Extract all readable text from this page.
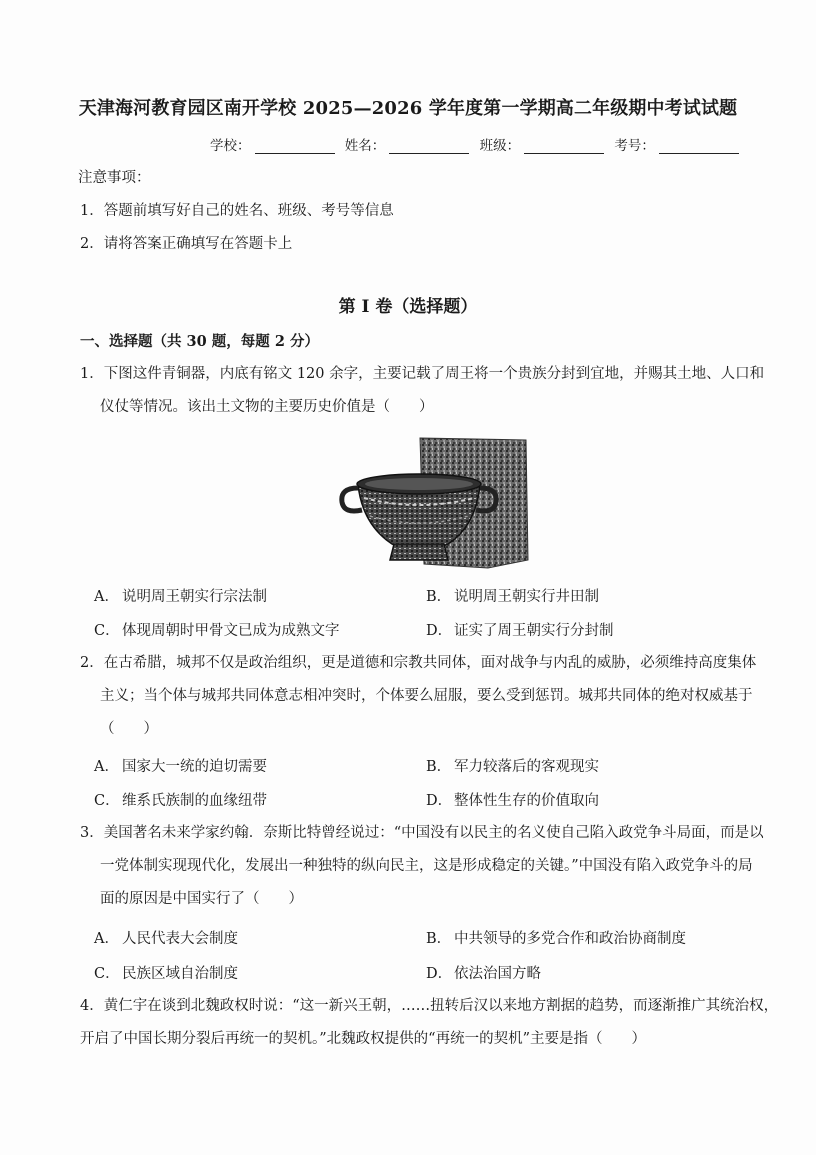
天津海河教育园区南开学校 2025—2026 学年度第一学期高二年级期中考试试题
学校：	姓名：	班级：	考号：
注意事项：
1．答题前填写好自己的姓名、班级、考号等信息
2．请将答案正确填写在答题卡上
第 I 卷（选择题）
一、选择题（共 30 题，每题 2 分）
1．下图这件青铜器，内底有铭文 120 余字，主要记载了周王将一个贵族分封到宜地，并赐其土地、人口和
仪仗等情况。该出土文物的主要历史价值是（　　）
A． 说明周王朝实行宗法制	B． 说明周王朝实行井田制
C． 体现周朝时甲骨文已成为成熟文字	D． 证实了周王朝实行分封制
2．在古希腊，城邦不仅是政治组织，更是道德和宗教共同体，面对战争与内乱的威胁，必须维持高度集体
主义；当个体与城邦共同体意志相冲突时，个体要么屈服，要么受到惩罚。城邦共同体的绝对权威基于
（　　）
A． 国家大一统的迫切需要	B． 军力较落后的客观现实
C． 维系氏族制的血缘纽带	D． 整体性生存的价值取向
3．美国著名未来学家约翰．奈斯比特曾经说过：“中国没有以民主的名义使自己陷入政党争斗局面，而是以
一党体制实现现代化，发展出一种独特的纵向民主，这是形成稳定的关键。”中国没有陷入政党争斗的局
面的原因是中国实行了（　　）
A． 人民代表大会制度	B． 中共领导的多党合作和政治协商制度
C． 民族区域自治制度	D． 依法治国方略
4．黄仁宇在谈到北魏政权时说：“这一新兴王朝，……扭转后汉以来地方割据的趋势，而逐渐推广其统治权，
开启了中国长期分裂后再统一的契机。”北魏政权提供的“再统一的契机”主要是指（　　）
